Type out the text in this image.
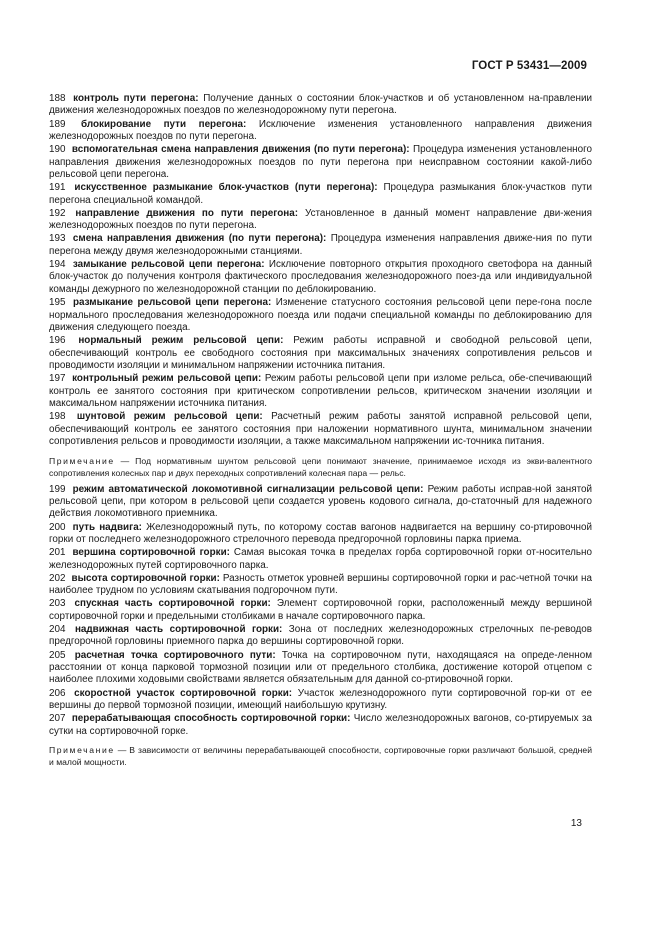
ГОСТ Р 53431—2009

188 контроль пути перегона: Получение данных о состоянии блок-участков и об установленном на-правлении движения железнодорожных поездов по железнодорожному пути перегона.

189 блокирование пути перегона: Исключение изменения установленного направления движения железнодорожных поездов по пути перегона.

190 вспомогательная смена направления движения (по пути перегона): Процедура изменения установленного направления движения железнодорожных поездов по пути перегона при неисправном состоянии какой-либо рельсовой цепи перегона.

191 искусственное размыкание блок-участков (пути перегона): Процедура размыкания блок-участков пути перегона специальной командой.

192 направление движения по пути перегона: Установленное в данный момент направление дви-жения железнодорожных поездов по пути перегона.

193 смена направления движения (по пути перегона): Процедура изменения направления движе-ния по пути перегона между двумя железнодорожными станциями.

194 замыкание рельсовой цепи перегона: Исключение повторного открытия проходного светофора на данный блок-участок до получения контроля фактического проследования железнодорожного поез-да или индивидуальной команды дежурного по железнодорожной станции по деблокированию.

195 размыкание рельсовой цепи перегона: Изменение статусного состояния рельсовой цепи пере-гона после нормального проследования железнодорожного поезда или подачи специальной команды по деблокированию для движения следующего поезда.

196 нормальный режим рельсовой цепи: Режим работы исправной и свободной рельсовой цепи, обеспечивающий контроль ее свободного состояния при максимальных значениях сопротивления рельсов и проводимости изоляции и минимальном напряжении источника питания.

197 контрольный режим рельсовой цепи: Режим работы рельсовой цепи при изломе рельса, обе-спечивающий контроль ее занятого состояния при критическом сопротивлении рельсов, критическом значении изоляции и максимальном напряжении источника питания.

198 шунтовой режим рельсовой цепи: Расчетный режим работы занятой исправной рельсовой цепи, обеспечивающий контроль ее занятого состояния при наложении нормативного шунта, минимальном значении сопротивления рельсов и проводимости изоляции, а также максимальном напряжении ис-точника питания.

Примечание — Под нормативным шунтом рельсовой цепи понимают значение, принимаемое исходя из экви-валентного сопротивления колесных пар и двух переходных сопротивлений колесная пара — рельс.

199 режим автоматической локомотивной сигнализации рельсовой цепи: Режим работы исправ-ной занятой рельсовой цепи, при котором в рельсовой цепи создается уровень кодового сигнала, до-статочный для надежного действия локомотивного приемника.

200 путь надвига: Железнодорожный путь, по которому состав вагонов надвигается на вершину со-ртировочной горки от последнего железнодорожного стрелочного перевода предгорочной горловины парка приема.

201 вершина сортировочной горки: Самая высокая точка в пределах горба сортировочной горки от-носительно железнодорожных путей сортировочного парка.

202 высота сортировочной горки: Разность отметок уровней вершины сортировочной горки и рас-четной точки на наиболее трудном по условиям скатывания подгорочном пути.

203 спускная часть сортировочной горки: Элемент сортировочной горки, расположенный между вершиной сортировочной горки и предельными столбиками в начале сортировочного парка.

204 надвижная часть сортировочной горки: Зона от последних железнодорожных стрелочных пе-реводов предгорочной горловины приемного парка до вершины сортировочной горки.

205 расчетная точка сортировочного пути: Точка на сортировочном пути, находящаяся на опреде-ленном расстоянии от конца парковой тормозной позиции или от предельного столбика, достижение которой отцепом с наиболее плохими ходовыми свойствами является обязательным для данной со-ртировочной горки.

206 скоростной участок сортировочной горки: Участок железнодорожного пути сортировочной гор-ки от ее вершины до первой тормозной позиции, имеющий наибольшую крутизну.

207 перерабатывающая способность сортировочной горки: Число железнодорожных вагонов, со-ртируемых за сутки на сортировочной горке.

Примечание — В зависимости от величины перерабатывающей способности, сортировочные горки различают большой, средней и малой мощности.

13
